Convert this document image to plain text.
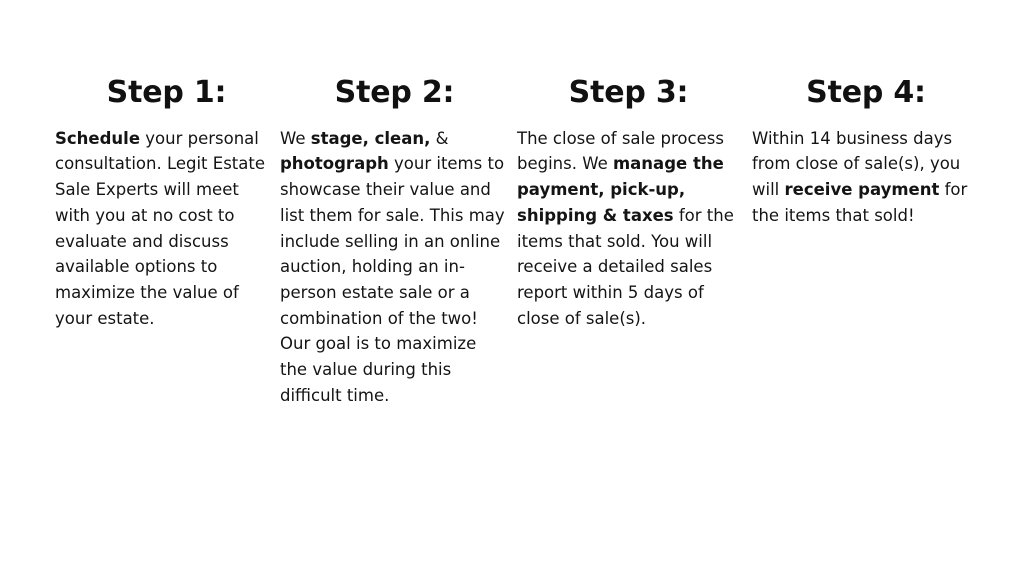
Step 1:

Schedule your personal consultation. Legit Estate Sale Experts will meet with you at no cost to evaluate and discuss available options to maximize the value of your estate.

Step 2:

We stage, clean, & photograph your items to showcase their value and list them for sale. This may include selling in an online auction, holding an in-person estate sale or a combination of the two! Our goal is to maximize the value during this difficult time.

Step 3:

The close of sale process begins. We manage the payment, pick-up, shipping & taxes for the items that sold. You will receive a detailed sales report within 5 days of close of sale(s).

Step 4:

Within 14 business days from close of sale(s), you will receive payment for the items that sold!
